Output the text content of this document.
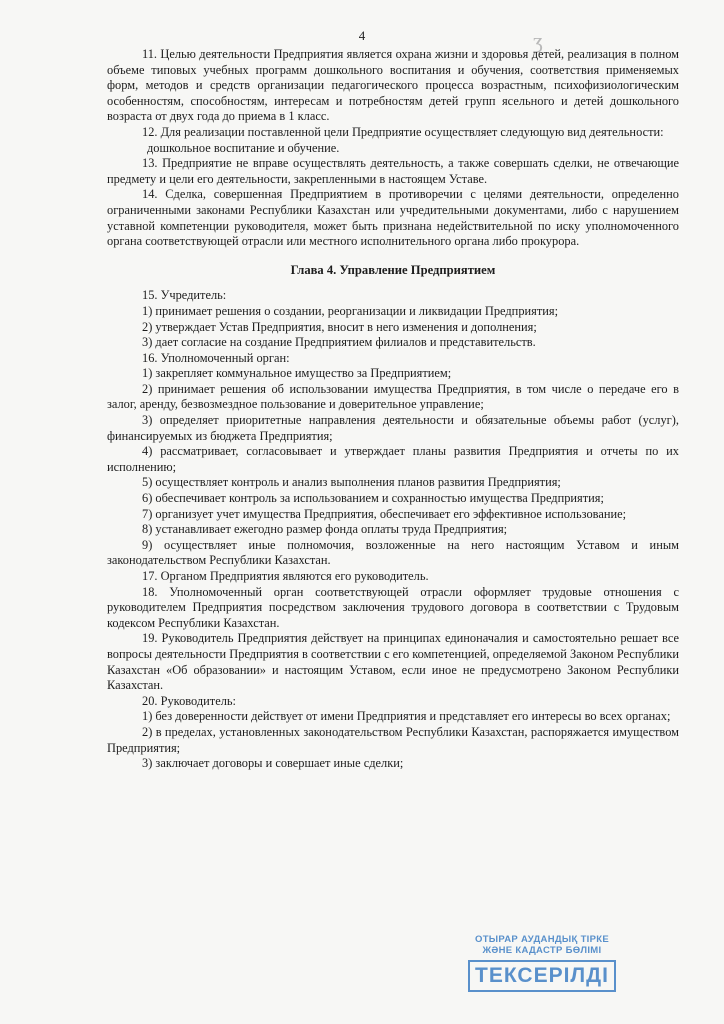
ʒ
4

11. Целью деятельности Предприятия является охрана жизни и здоровья детей, реализация в полном объеме типовых учебных программ дошкольного воспитания и обучения, соответствия применяемых форм, методов и средств организации педагогического процесса возрастным, психофизиологическим особенностям, способностям, интересам и потребностям детей групп ясельного и детей дошкольного возраста от двух года до приема в 1 класс.

12. Для реализации поставленной цели Предприятие осуществляет следующую вид деятельности:

дошкольное воспитание и обучение.

13. Предприятие не вправе осуществлять деятельность, а также совершать сделки, не отвечающие предмету и цели его деятельности, закрепленными в настоящем Уставе.

14. Сделка, совершенная Предприятием в противоречии с целями деятельности, определенно ограниченными законами Республики Казахстан или учредительными документами, либо с нарушением уставной компетенции руководителя, может быть признана недействительной по иску уполномоченного органа соответствующей отрасли или местного исполнительного органа либо прокурора.

Глава 4. Управление Предприятием

15. Учредитель:

1) принимает решения о создании, реорганизации и ликвидации Предприятия;

2) утверждает Устав Предприятия, вносит в него изменения и дополнения;

3) дает согласие на создание Предприятием филиалов и представительств.

16. Уполномоченный орган:

1) закрепляет коммунальное имущество за Предприятием;

2) принимает решения об использовании имущества Предприятия, в том числе о передаче его в залог, аренду, безвозмездное пользование и доверительное управление;

3) определяет приоритетные направления деятельности и обязательные объемы работ (услуг), финансируемых из бюджета Предприятия;

4) рассматривает, согласовывает и утверждает планы развития Предприятия и отчеты по их исполнению;

5) осуществляет контроль и анализ выполнения планов развития Предприятия;

6) обеспечивает контроль за использованием и сохранностью имущества Предприятия;

7) организует учет имущества Предприятия, обеспечивает его эффективное использование;

8) устанавливает ежегодно размер фонда оплаты труда Предприятия;

9) осуществляет иные полномочия, возложенные на него настоящим Уставом и иным законодательством Республики Казахстан.

17. Органом Предприятия являются его руководитель.

18. Уполномоченный орган соответствующей отрасли оформляет трудовые отношения с руководителем Предприятия посредством заключения трудового договора в соответствии с Трудовым кодексом Республики Казахстан.

19. Руководитель Предприятия действует на принципах единоначалия и самостоятельно решает все вопросы деятельности Предприятия в соответствии с его компетенцией, определяемой Законом Республики Казахстан «Об образовании» и настоящим Уставом, если иное не предусмотрено Законом Республики Казахстан.

20. Руководитель:

1) без доверенности действует от имени Предприятия и представляет его интересы во всех органах;

2) в пределах, установленных законодательством Республики Казахстан, распоряжается имуществом Предприятия;

3) заключает договоры и совершает иные сделки;

ОТЫРАР АУДАНДЫҚ ТІРКЕ
ЖӘНЕ КАДАСТР БӨЛІМІ
ТЕКСЕРІЛДІ
